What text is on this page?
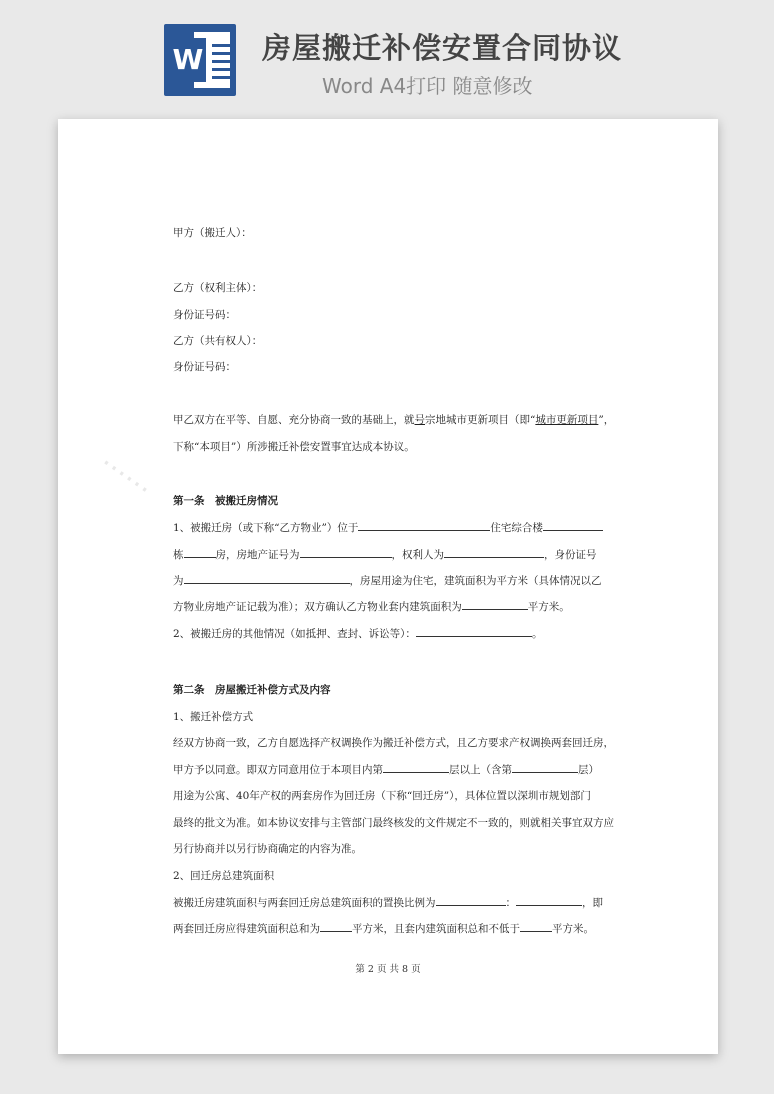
W 房屋搬迁补偿安置合同协议
Word A4打印 随意修改
⋯⋯
甲方（搬迁人）：
乙方（权利主体）：
身份证号码：
乙方（共有权人）：
身份证号码：
甲乙双方在平等、自愿、充分协商一致的基础上，就号宗地城市更新项目（即“城市更新项目”，
下称“本项目”）所涉搬迁补偿安置事宜达成本协议。
第一条　被搬迁房情况
1、被搬迁房（或下称“乙方物业”）位于	住宅综合楼
栋	房，房地产证号为	，权利人为	，身份证号
为	，房屋用途为住宅，建筑面积为平方米（具体情况以乙
方物业房地产证记载为准）；双方确认乙方物业套内建筑面积为	平方米。
2、被搬迁房的其他情况（如抵押、查封、诉讼等）：	。
第二条　房屋搬迁补偿方式及内容
1、搬迁补偿方式
经双方协商一致，乙方自愿选择产权调换作为搬迁补偿方式，且乙方要求产权调换两套回迁房，
甲方予以同意。即双方同意用位于本项目内第	层以上（含第	层）
用途为公寓、40年产权的两套房作为回迁房（下称“回迁房”），具体位置以深圳市规划部门
最终的批文为准。如本协议安排与主管部门最终核发的文件规定不一致的，则就相关事宜双方应
另行协商并以另行协商确定的内容为准。
2、回迁房总建筑面积
被搬迁房建筑面积与两套回迁房总建筑面积的置换比例为	：	，即
两套回迁房应得建筑面积总和为	平方米，且套内建筑面积总和不低于	平方米。
第 2 页 共 8 页
